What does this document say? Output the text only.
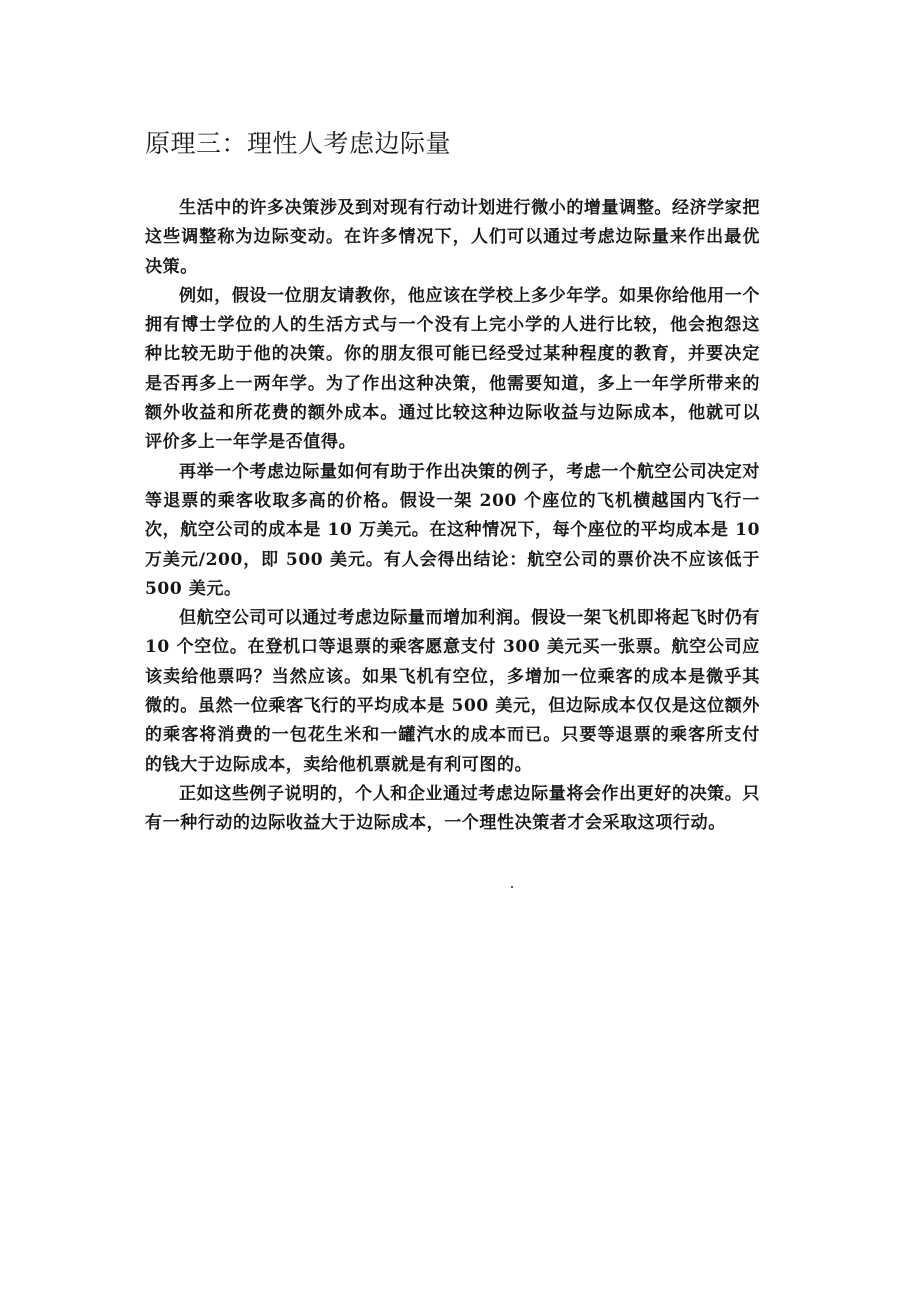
原理三：理性人考虑边际量

生活中的许多决策涉及到对现有行动计划进行微小的增量调整。经济学家把这些调整称为边际变动。在许多情况下，人们可以通过考虑边际量来作出最优决策。

例如，假设一位朋友请教你，他应该在学校上多少年学。如果你给他用一个拥有博士学位的人的生活方式与一个没有上完小学的人进行比较，他会抱怨这种比较无助于他的决策。你的朋友很可能已经受过某种程度的教育，并要决定是否再多上一两年学。为了作出这种决策，他需要知道，多上一年学所带来的额外收益和所花费的额外成本。通过比较这种边际收益与边际成本，他就可以评价多上一年学是否值得。

再举一个考虑边际量如何有助于作出决策的例子，考虑一个航空公司决定对等退票的乘客收取多高的价格。假设一架 200 个座位的飞机横越国内飞行一次，航空公司的成本是 10 万美元。在这种情况下，每个座位的平均成本是 10 万美元/200，即 500 美元。有人会得出结论：航空公司的票价决不应该低于 500 美元。

但航空公司可以通过考虑边际量而增加利润。假设一架飞机即将起飞时仍有 10 个空位。在登机口等退票的乘客愿意支付 300 美元买一张票。航空公司应该卖给他票吗？当然应该。如果飞机有空位，多增加一位乘客的成本是微乎其微的。虽然一位乘客飞行的平均成本是 500 美元，但边际成本仅仅是这位额外的乘客将消费的一包花生米和一罐汽水的成本而已。只要等退票的乘客所支付的钱大于边际成本，卖给他机票就是有利可图的。

正如这些例子说明的，个人和企业通过考虑边际量将会作出更好的决策。只有一种行动的边际收益大于边际成本，一个理性决策者才会采取这项行动。
